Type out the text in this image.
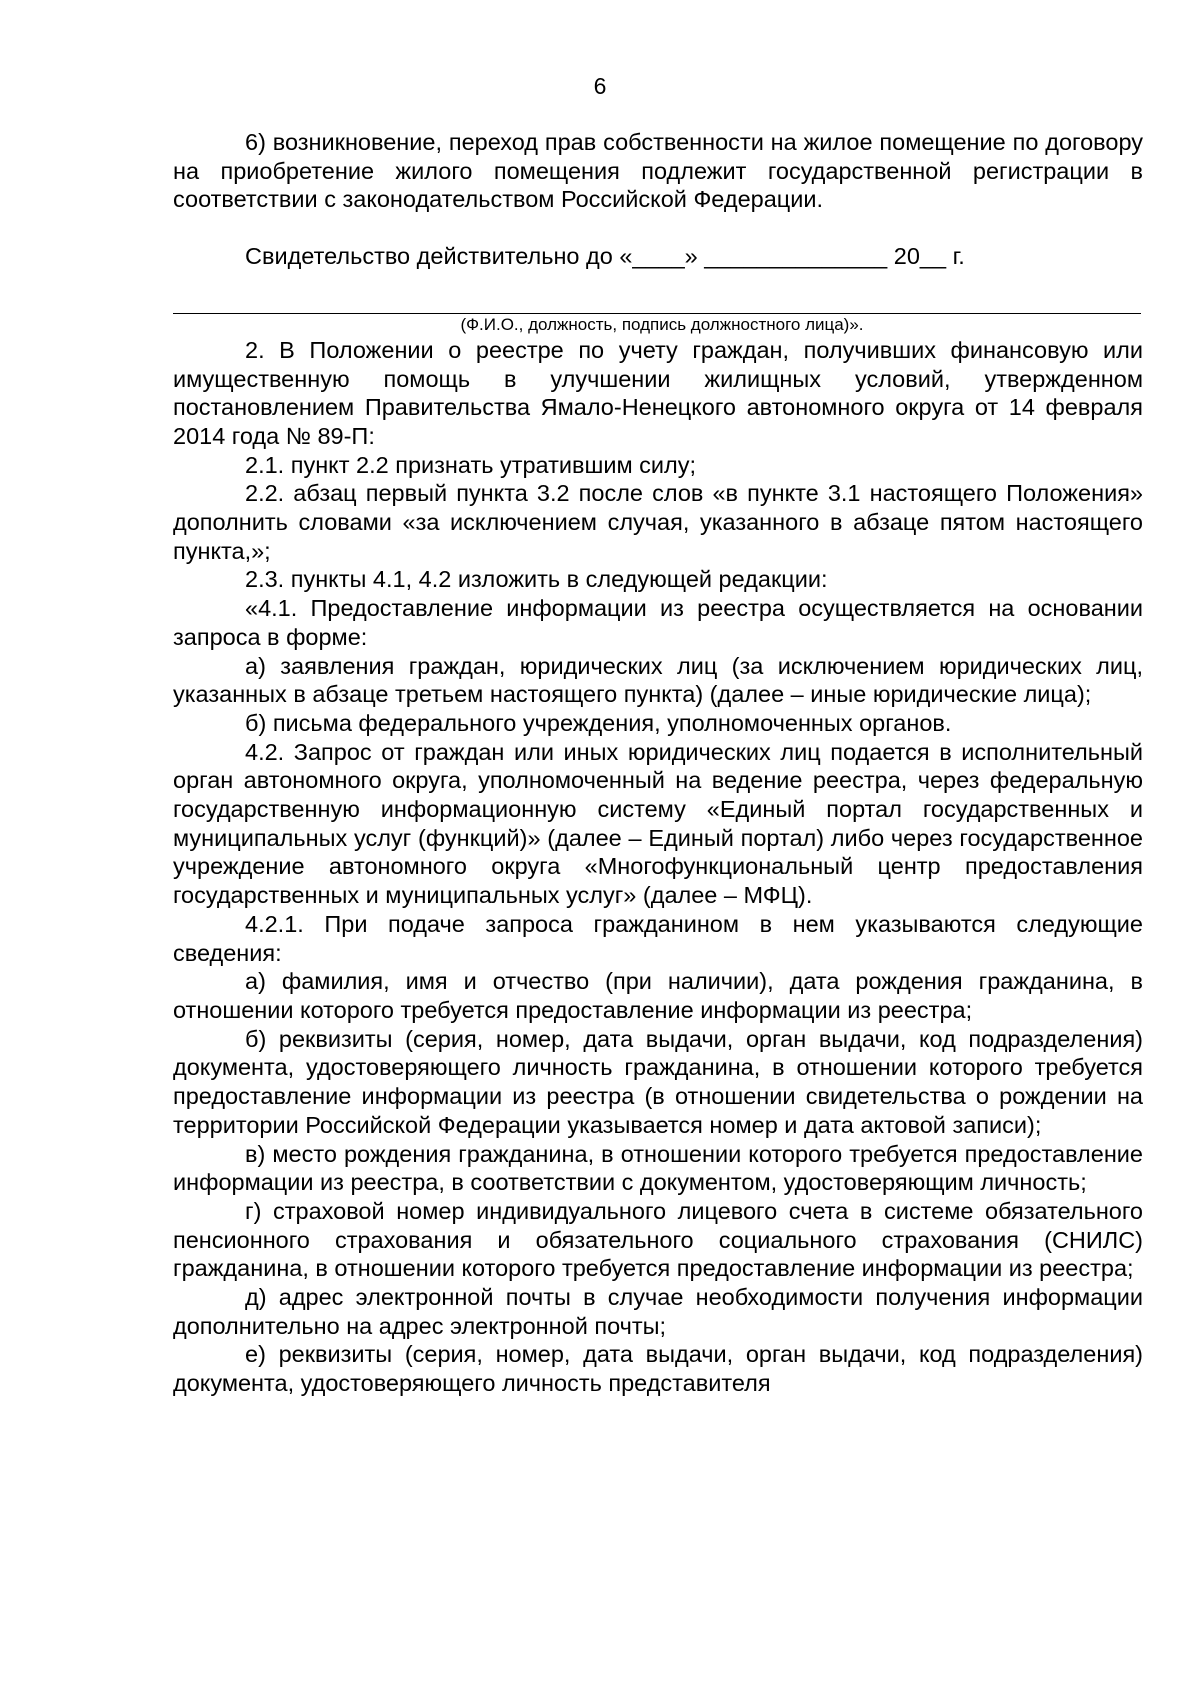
6

6) возникновение, переход прав собственности на жилое помещение по договору на приобретение жилого помещения подлежит государственной регистрации в соответствии с законодательством Российской Федерации.

Свидетельство действительно до «____» ______________ 20__ г.

(Ф.И.О., должность, подпись должностного лица)».

2. В Положении о реестре по учету граждан, получивших финансовую или имущественную помощь в улучшении жилищных условий, утвержденном постановлением Правительства Ямало-Ненецкого автономного округа от 14 февраля 2014 года № 89-П:

2.1. пункт 2.2 признать утратившим силу;

2.2. абзац первый пункта 3.2 после слов «в пункте 3.1 настоящего Положения» дополнить словами «за исключением случая, указанного в абзаце пятом настоящего пункта,»;

2.3. пункты 4.1, 4.2 изложить в следующей редакции:

«4.1. Предоставление информации из реестра осуществляется на основании запроса в форме:

а) заявления граждан, юридических лиц (за исключением юридических лиц, указанных в абзаце третьем настоящего пункта) (далее – иные юридические лица);

б) письма федерального учреждения, уполномоченных органов.

4.2. Запрос от граждан или иных юридических лиц подается в исполнительный орган автономного округа, уполномоченный на ведение реестра, через федеральную государственную информационную систему «Единый портал государственных и муниципальных услуг (функций)» (далее – Единый портал) либо через государственное учреждение автономного округа «Многофункциональный центр предоставления государственных и муниципальных услуг» (далее – МФЦ).

4.2.1. При подаче запроса гражданином в нем указываются следующие сведения:

а) фамилия, имя и отчество (при наличии), дата рождения гражданина, в отношении которого требуется предоставление информации из реестра;

б) реквизиты (серия, номер, дата выдачи, орган выдачи, код подразделения) документа, удостоверяющего личность гражданина, в отношении которого требуется предоставление информации из реестра (в отношении свидетельства о рождении на территории Российской Федерации указывается номер и дата актовой записи);

в) место рождения гражданина, в отношении которого требуется предоставление информации из реестра, в соответствии с документом, удостоверяющим личность;

г) страховой номер индивидуального лицевого счета в системе обязательного пенсионного страхования и обязательного социального страхования (СНИЛС) гражданина, в отношении которого требуется предоставление информации из реестра;

д) адрес электронной почты в случае необходимости получения информации дополнительно на адрес электронной почты;

е) реквизиты (серия, номер, дата выдачи, орган выдачи, код подразделения) документа, удостоверяющего личность представителя
